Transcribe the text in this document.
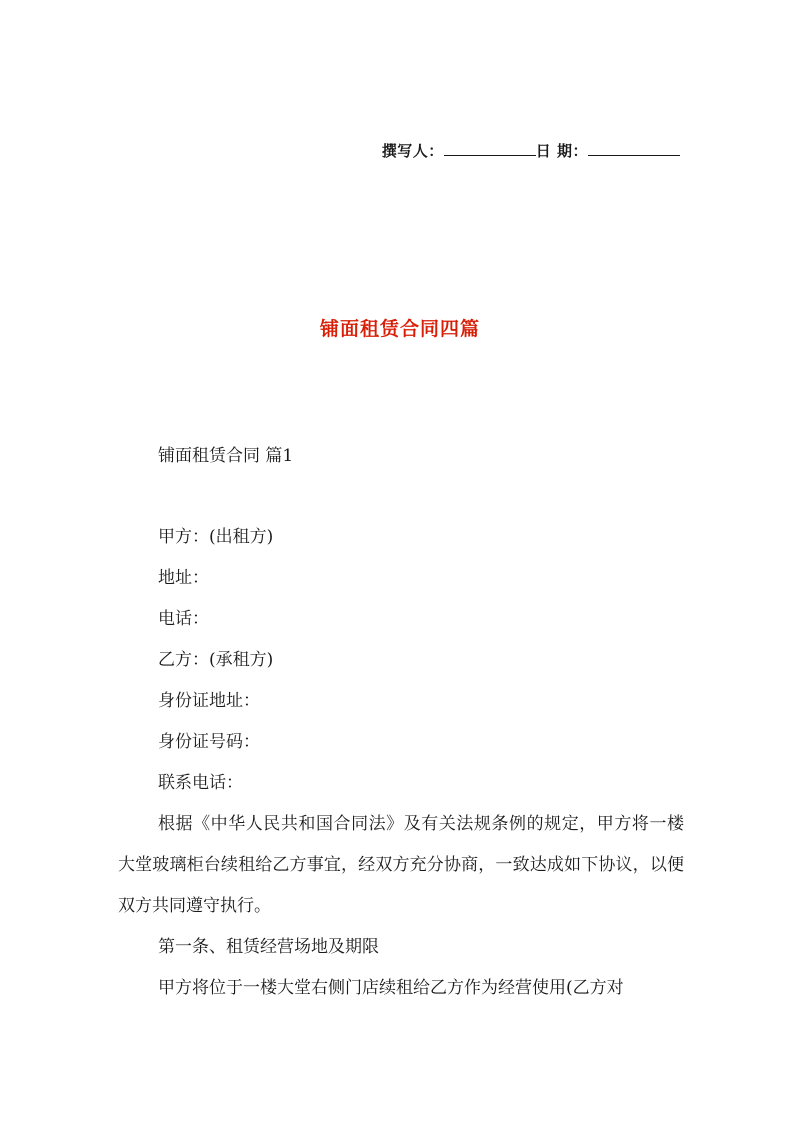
撰写人：	日 期：
铺面租赁合同四篇
铺面租赁合同 篇1

甲方：(出租方)

地址：

电话：

乙方：(承租方)

身份证地址：

身份证号码：

联系电话：

根据《中华人民共和国合同法》及有关法规条例的规定，甲方将一楼大堂玻璃柜台续租给乙方事宜，经双方充分协商，一致达成如下协议，以便双方共同遵守执行。

第一条、租赁经营场地及期限

甲方将位于一楼大堂右侧门店续租给乙方作为经营使用(乙方对
